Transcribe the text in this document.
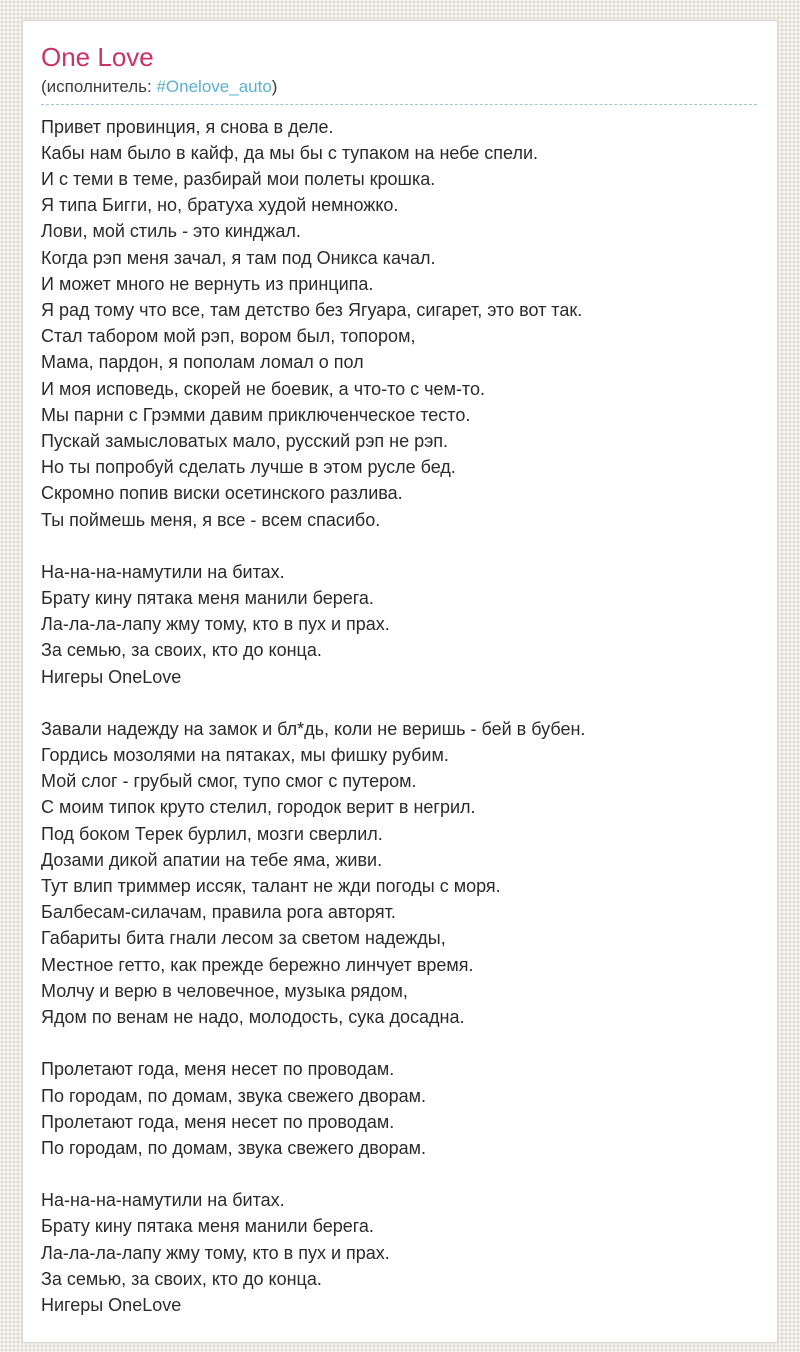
One Love
(исполнитель: #Onelove_auto)
Привет провинция, я снова в деле.
Кабы нам было в кайф, да мы бы с тупаком на небе спели.
И с теми в теме, разбирай мои полеты крошка.
Я типа Бигги, но, братуха худой немножко.
Лови, мой стиль - это кинджал.
Когда рэп меня зачал, я там под Оникса качал.
И может много не вернуть из принципа.
Я рад тому что все, там детство без Ягуара, сигарет, это вот так.
Стал табором мой рэп, вором был, топором,
Мама, пардон, я пополам ломал о пол
И моя исповедь, скорей не боевик, а что-то с чем-то.
Мы парни с Грэмми давим приключенческое тесто.
Пускай замысловатых мало, русский рэп не рэп.
Но ты попробуй сделать лучше в этом русле бед.
Скромно попив виски осетинского разлива.
Ты поймешь меня, я все - всем спасибо.
На-на-на-намутили на битах.
Брату кину пятака меня манили берега.
Ла-ла-ла-лапу жму тому, кто в пух и прах.
За семью, за своих, кто до конца.
Нигеры OneLove
Завали надежду на замок и бл*дь, коли не веришь - бей в бубен.
Гордись мозолями на пятаках, мы фишку рубим.
Мой слог - грубый смог, тупо смог с путером.
С моим типок круто стелил, городок верит в негрил.
Под боком Терек бурлил, мозги сверлил.
Дозами дикой апатии на тебе яма, живи.
Тут влип триммер иссяк, талант не жди погоды с моря.
Балбесам-силачам, правила рога авторят.
Габариты бита гнали лесом за светом надежды,
Местное гетто, как прежде бережно линчует время.
Молчу и верю в человечное, музыка рядом,
Ядом по венам не надо, молодость, сука досадна.
Пролетают года, меня несет по проводам.
По городам, по домам, звука свежего дворам.
Пролетают года, меня несет по проводам.
По городам, по домам, звука свежего дворам.
На-на-на-намутили на битах.
Брату кину пятака меня манили берега.
Ла-ла-ла-лапу жму тому, кто в пух и прах.
За семью, за своих, кто до конца.
Нигеры OneLove
